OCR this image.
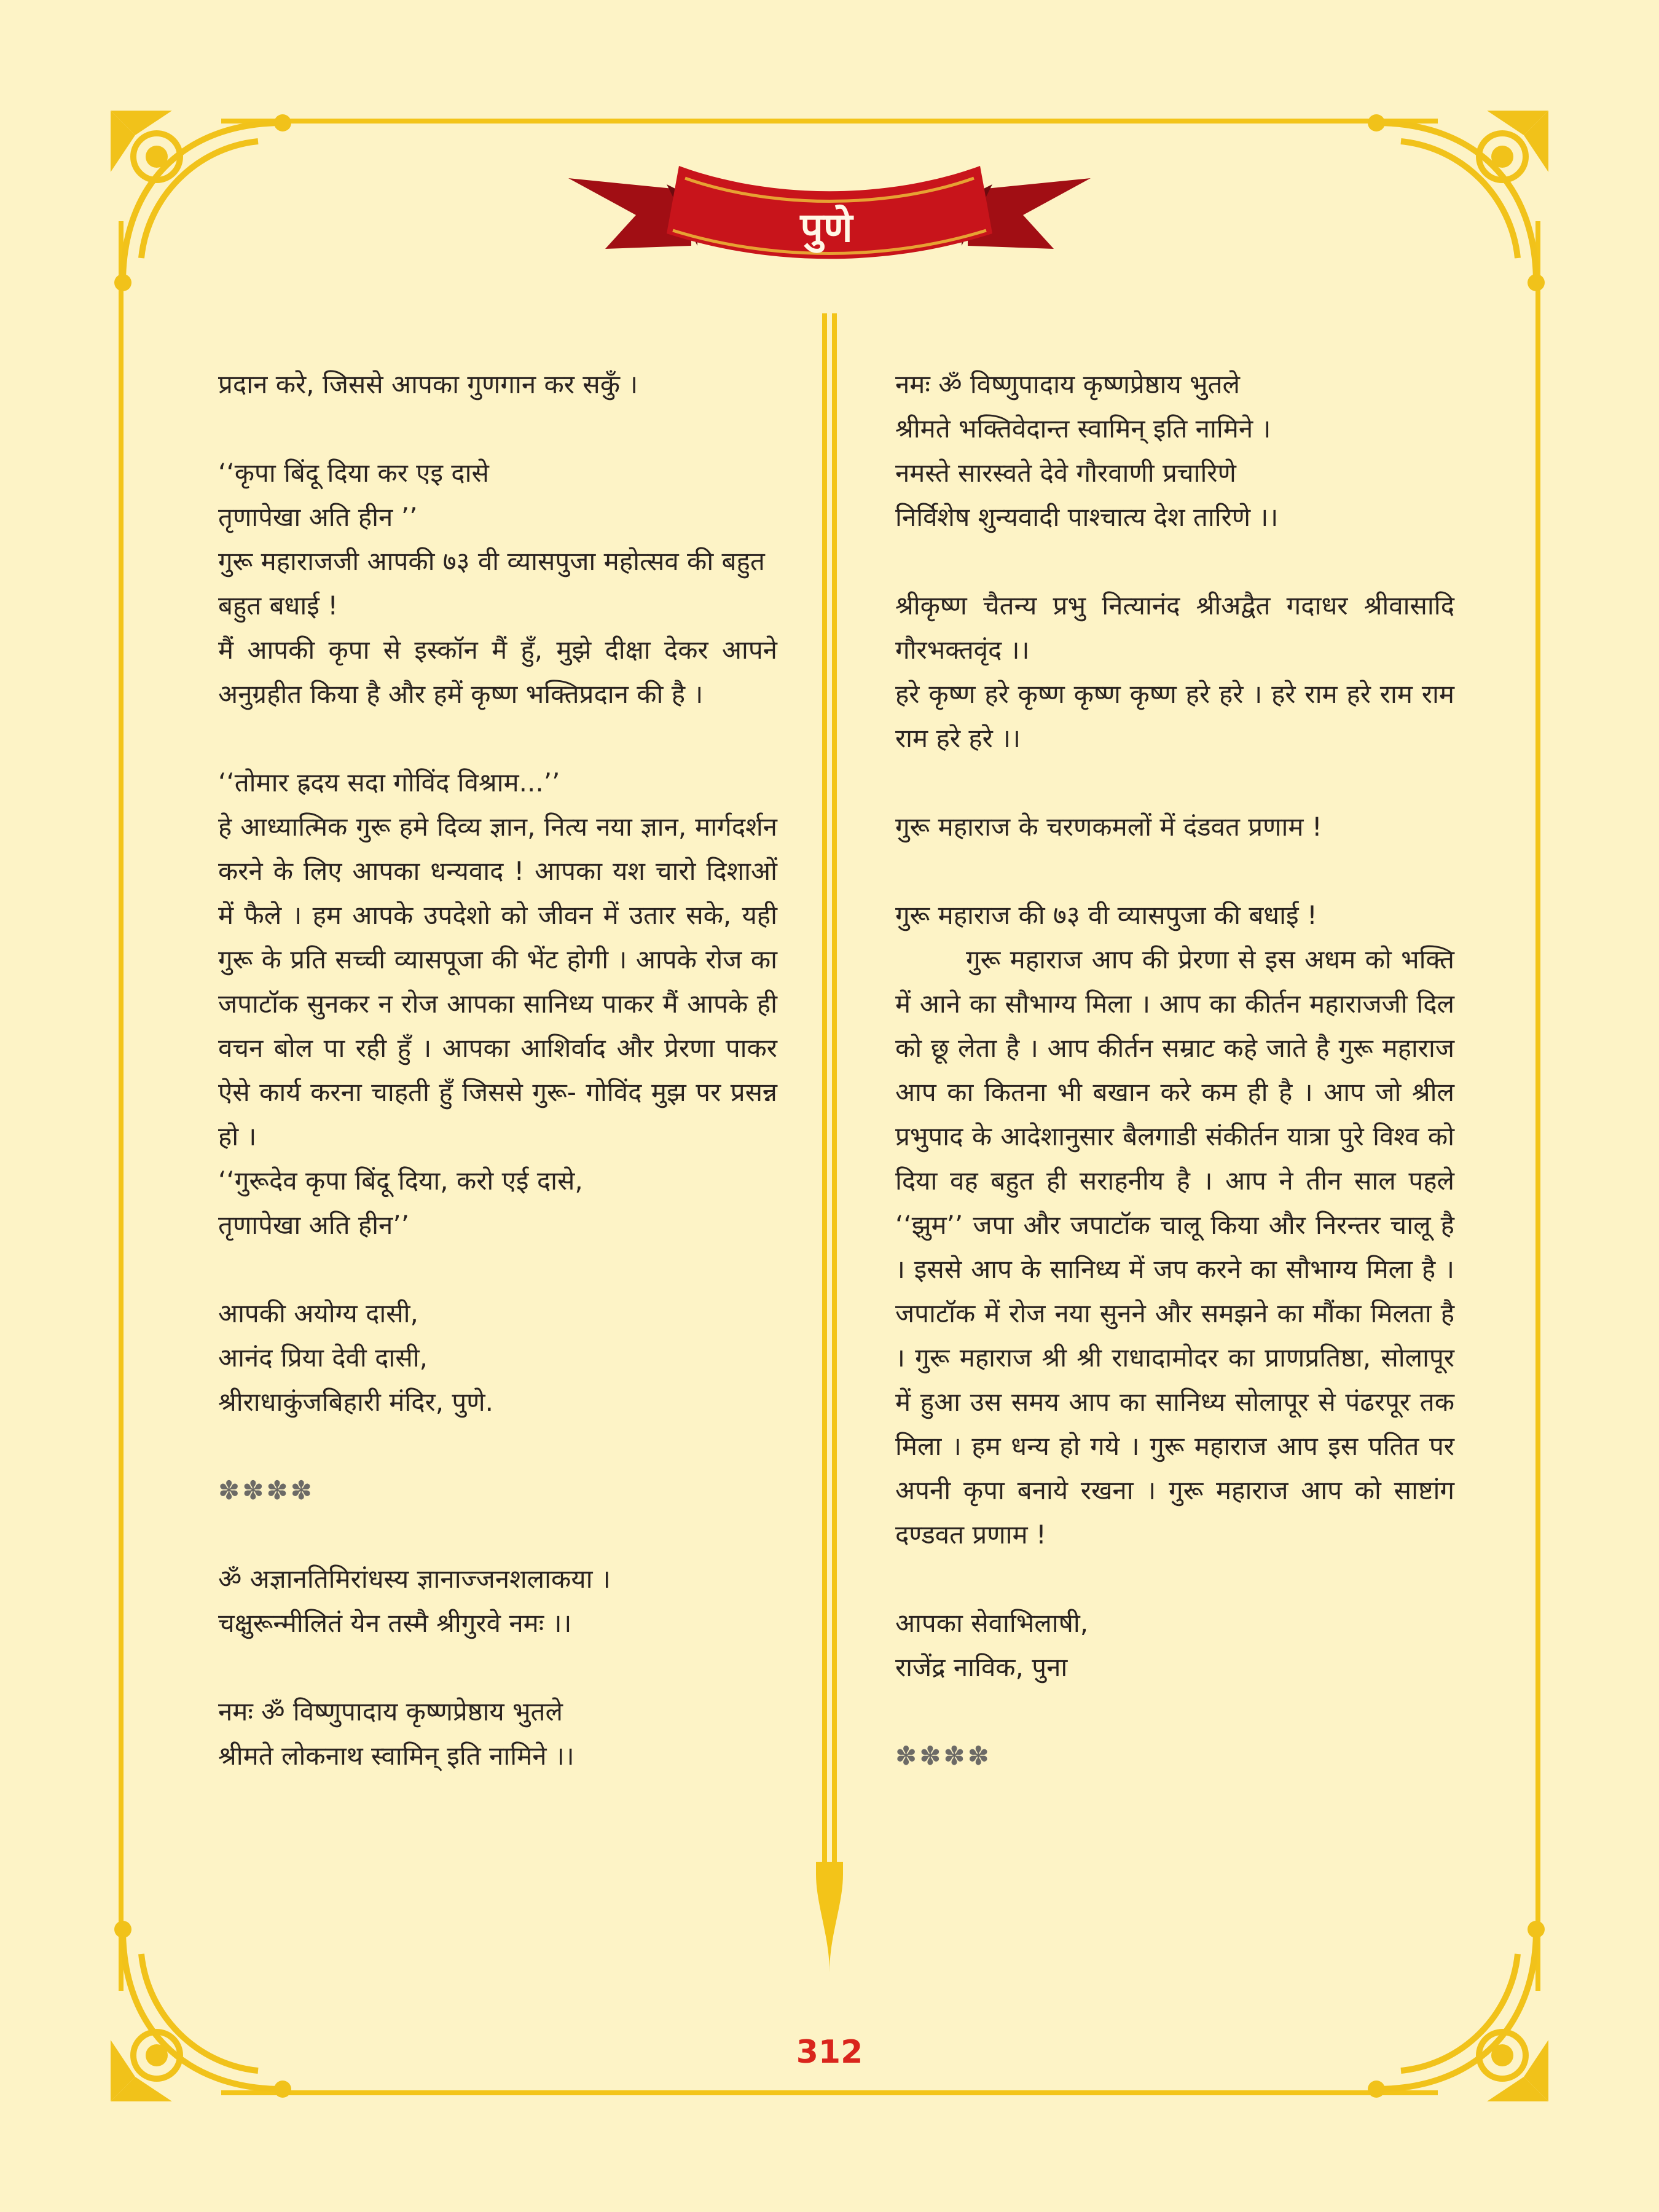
पुणे

प्रदान करे, जिससे आपका गुणगान कर सकुँ ।

‘‘कृपा बिंदू दिया कर एइ दासे
तृणापेखा अति हीन ’’
गुरू महाराजजी आपकी ७३ वी व्यासपुजा महोत्सव की बहुत बहुत बधाई !

मैं आपकी कृपा से इस्कॉन मैं हुँ, मुझे दीक्षा देकर आपने अनुग्रहीत किया है और हमें कृष्ण भक्तिप्रदान की है ।

‘‘तोमार ह्रदय सदा गोविंद विश्राम...’’

हे आध्यात्मिक गुरू हमे दिव्य ज्ञान, नित्य नया ज्ञान, मार्गदर्शन करने के लिए आपका धन्यवाद ! आपका यश चारो दिशाओं में फैले । हम आपके उपदेशो को जीवन में उतार सके, यही गुरू के प्रति सच्ची व्यासपूजा की भेंट होगी । आपके रोज का जपाटॉक सुनकर न रोज आपका सानिध्य पाकर मैं आपके ही वचन बोल पा रही हुँ । आपका आशिर्वाद और प्रेरणा पाकर ऐसे कार्य करना चाहती हुँ जिससे गुरू- गोविंद मुझ पर प्रसन्न हो ।

‘‘गुरूदेव कृपा बिंदू दिया, करो एई दासे,
तृणापेखा अति हीन’’

आपकी अयोग्य दासी,
आनंद प्रिया देवी दासी,
श्रीराधाकुंजबिहारी मंदिर, पुणे.

✽✽✽✽

ॐ अज्ञानतिमिरांधस्य ज्ञानाज्जनशलाकया ।
चक्षुरून्मीलितं येन तस्मै श्रीगुरवे नमः ।।

नमः ॐ विष्णुपादाय कृष्णप्रेष्ठाय भुतले
श्रीमते लोकनाथ स्वामिन् इति नामिने ।।

नमः ॐ विष्णुपादाय कृष्णप्रेष्ठाय भुतले
श्रीमते भक्तिवेदान्त स्वामिन् इति नामिने ।
नमस्ते सारस्वते देवे गौरवाणी प्रचारिणे
निर्विशेष शुन्यवादी पाश्चात्य देश तारिणे ।।

श्रीकृष्ण चैतन्य प्रभु नित्यानंद श्रीअद्वैत गदाधर श्रीवासादि गौरभक्तवृंद ।।

हरे कृष्ण हरे कृष्ण कृष्ण कृष्ण हरे हरे । हरे राम हरे राम राम राम हरे हरे ।।

गुरू महाराज के चरणकमलों में दंडवत प्रणाम !

गुरू महाराज की ७३ वी व्यासपुजा की बधाई !

गुरू महाराज आप की प्रेरणा से इस अधम को भक्ति में आने का सौभाग्य मिला । आप का कीर्तन महाराजजी दिल को छू लेता है । आप कीर्तन सम्राट कहे जाते है गुरू महाराज आप का कितना भी बखान करे कम ही है । आप जो श्रील प्रभुपाद के आदेशानुसार बैलगाडी संकीर्तन यात्रा पुरे विश्व को दिया वह बहुत ही सराहनीय है । आप ने तीन साल पहले ‘‘झुम’’ जपा और जपाटॉक चालू किया और निरन्तर चालू है । इससे आप के सानिध्य में जप करने का सौभाग्य मिला है । जपाटॉक में रोज नया सुनने और समझने का मौंका मिलता है । गुरू महाराज श्री श्री राधादामोदर का प्राणप्रतिष्ठा, सोलापूर में हुआ उस समय आप का सानिध्य सोलापूर से पंढरपूर तक मिला । हम धन्य हो गये । गुरू महाराज आप इस पतित पर अपनी कृपा बनाये रखना । गुरू महाराज आप को साष्टांग दण्डवत प्रणाम !

आपका सेवाभिलाषी,
राजेंद्र नाविक, पुना

✽✽✽✽

312
